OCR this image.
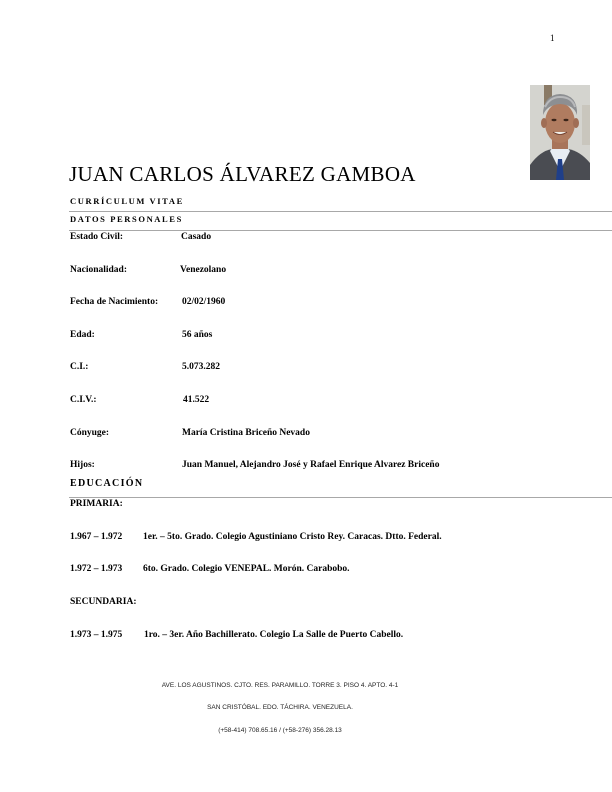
1
JUAN CARLOS ÁLVAREZ GAMBOA
CURRÍCULUM VITAE
DATOS PERSONALES
Estado Civil:	Casado
Nacionalidad:	Venezolano
Fecha de Nacimiento:	02/02/1960
Edad:	56 años
C.I.:	5.073.282
C.I.V.:	41.522
Cónyuge:	María Cristina Briceño Nevado
Hijos:	Juan Manuel, Alejandro José y Rafael Enrique Alvarez Briceño
EDUCACIÓN
PRIMARIA:
1.967 – 1.972 1er. – 5to. Grado. Colegio Agustiniano Cristo Rey. Caracas. Dtto. Federal.
1.972 – 1.973 6to. Grado. Colegio VENEPAL. Morón. Carabobo.
SECUNDARIA:
1.973 – 1.975 1ro. – 3er. Año Bachillerato. Colegio La Salle de Puerto Cabello.
AVE. LOS AGUSTINOS. CJTO. RES. PARAMILLO. TORRE 3. PISO 4. APTO. 4-1
SAN CRISTÓBAL. EDO. TÁCHIRA. VENEZUELA.
(+58-414) 708.65.16 / (+58-276) 356.28.13
